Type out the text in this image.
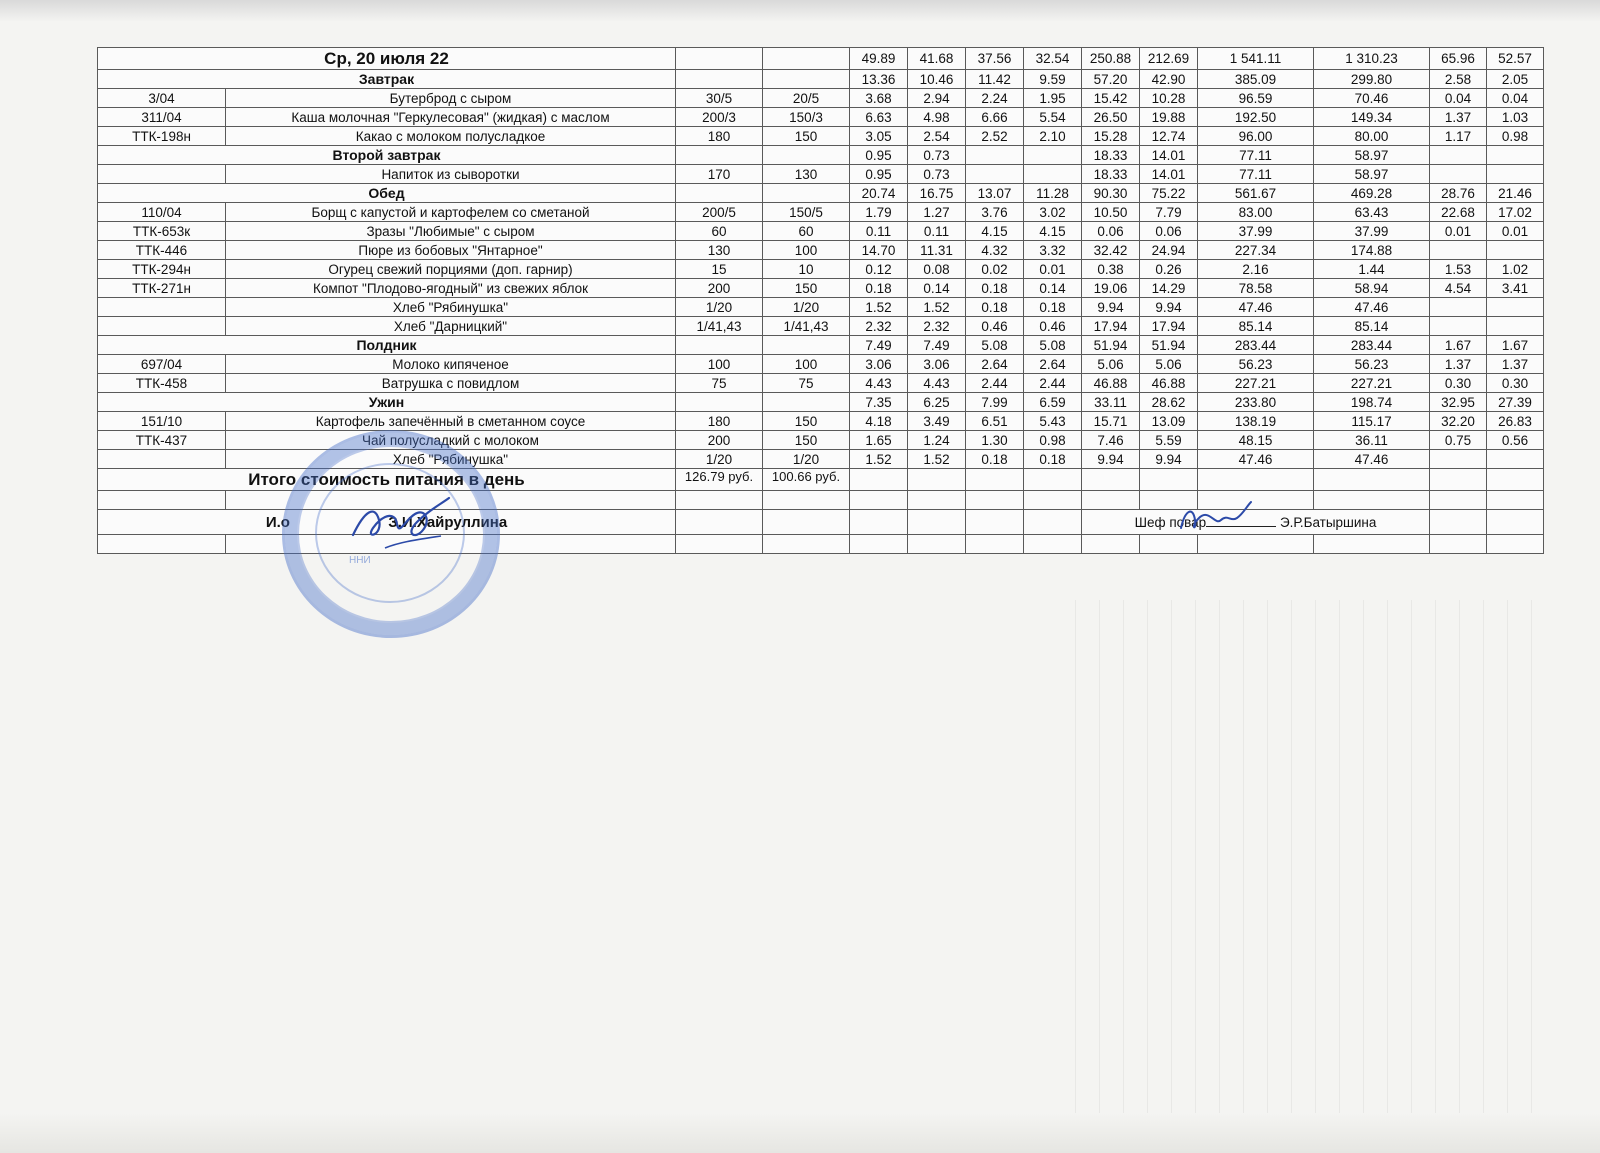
Ср, 20 июля 22				49.89	41.68	37.56	32.54	250.88	212.69	1 541.11	1 310.23	65.96	52.57
Завтрак				13.36	10.46	11.42	9.59	57.20	42.90	385.09	299.80	2.58	2.05
3/04	Бутерброд с сыром	30/5	20/5	3.68	2.94	2.24	1.95	15.42	10.28	96.59	70.46	0.04	0.04
311/04	Каша молочная "Геркулесовая" (жидкая) с маслом	200/3	150/3	6.63	4.98	6.66	5.54	26.50	19.88	192.50	149.34	1.37	1.03
ТТК-198н	Какао с молоком полусладкое	180	150	3.05	2.54	2.52	2.10	15.28	12.74	96.00	80.00	1.17	0.98
Второй завтрак				0.95	0.73			18.33	14.01	77.11	58.97		
	Напиток из сыворотки	170	130	0.95	0.73			18.33	14.01	77.11	58.97		
Обед				20.74	16.75	13.07	11.28	90.30	75.22	561.67	469.28	28.76	21.46
110/04	Борщ с капустой и картофелем со сметаной	200/5	150/5	1.79	1.27	3.76	3.02	10.50	7.79	83.00	63.43	22.68	17.02
ТТК-653к	Зразы "Любимые" с сыром	60	60	0.11	0.11	4.15	4.15	0.06	0.06	37.99	37.99	0.01	0.01
ТТК-446	Пюре из бобовых "Янтарное"	130	100	14.70	11.31	4.32	3.32	32.42	24.94	227.34	174.88		
ТТК-294н	Огурец свежий порциями (доп. гарнир)	15	10	0.12	0.08	0.02	0.01	0.38	0.26	2.16	1.44	1.53	1.02
ТТК-271н	Компот "Плодово-ягодный" из свежих яблок	200	150	0.18	0.14	0.18	0.14	19.06	14.29	78.58	58.94	4.54	3.41
	Хлеб "Рябинушка"	1/20	1/20	1.52	1.52	0.18	0.18	9.94	9.94	47.46	47.46		
	Хлеб "Дарницкий"	1/41,43	1/41,43	2.32	2.32	0.46	0.46	17.94	17.94	85.14	85.14		
Полдник				7.49	7.49	5.08	5.08	51.94	51.94	283.44	283.44	1.67	1.67
697/04	Молоко кипяченое	100	100	3.06	3.06	2.64	2.64	5.06	5.06	56.23	56.23	1.37	1.37
ТТК-458	Ватрушка с повидлом	75	75	4.43	4.43	2.44	2.44	46.88	46.88	227.21	227.21	0.30	0.30
Ужин				7.35	6.25	7.99	6.59	33.11	28.62	233.80	198.74	32.95	27.39
151/10	Картофель запечённый в сметанном соусе	180	150	4.18	3.49	6.51	5.43	15.71	13.09	138.19	115.17	32.20	26.83
ТТК-437	Чай полусладкий с молоком	200	150	1.65	1.24	1.30	0.98	7.46	5.59	48.15	36.11	0.75	0.56
	Хлеб "Рябинушка"	1/20	1/20	1.52	1.52	0.18	0.18	9.94	9.94	47.46	47.46		
Итого стоимость питания в день		126.79 руб.	100.66 руб.										

И.о З.И.Хайруллина								Шеф повар Э.Р.Батыршина					

ИНН
